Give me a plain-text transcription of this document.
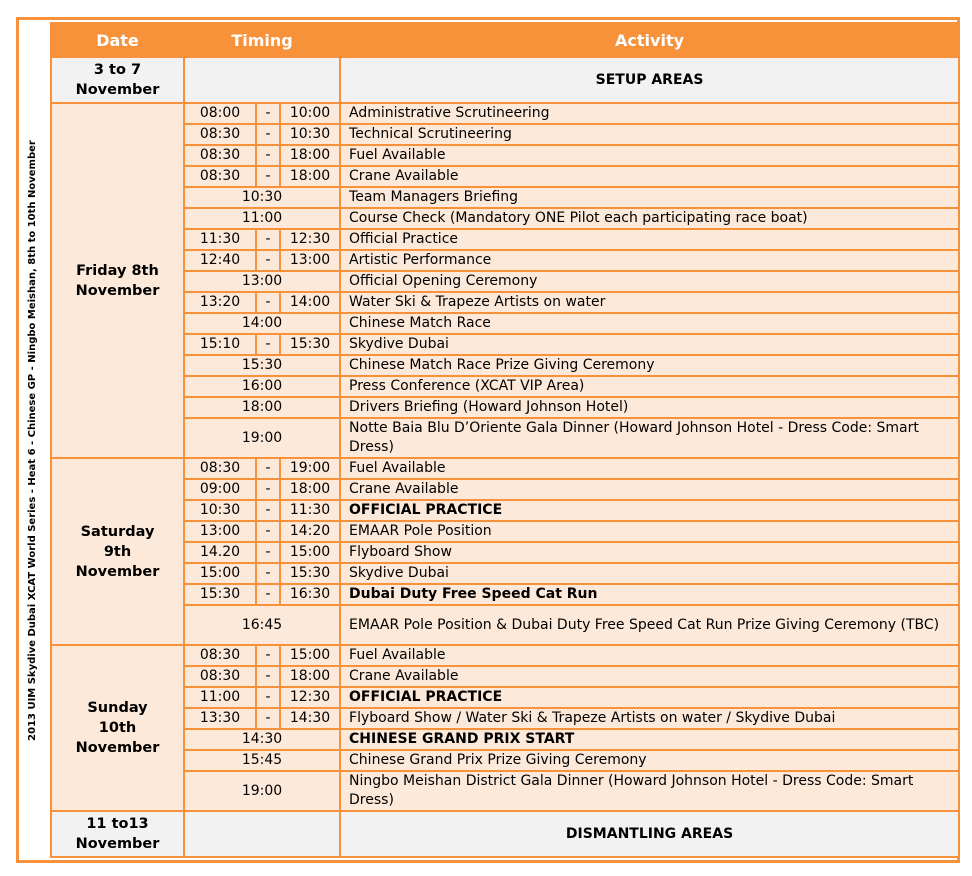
2013 UIM Skydive Dubai XCAT World Series - Heat 6 - Chinese GP - Ningbo Meishan, 8th to 10th November
Date	Timing			Activity
3 to 7 November				SETUP AREAS
Friday 8th November	08:00	-	10:00	Administrative Scrutineering
	08:30	-	10:30	Technical Scrutineering
	08:30	-	18:00	Fuel Available
	08:30	-	18:00	Crane Available
	10:30			Team Managers Briefing
	11:00			Course Check (Mandatory ONE Pilot each participating race boat)
	11:30	-	12:30	Official Practice
	12:40	-	13:00	Artistic Performance
	13:00			Official Opening Ceremony
	13:20	-	14:00	Water Ski & Trapeze Artists on water
	14:00			Chinese Match Race
	15:10	-	15:30	Skydive Dubai
	15:30			Chinese Match Race Prize Giving Ceremony
	16:00			Press Conference (XCAT VIP Area)
	18:00			Drivers Briefing (Howard Johnson Hotel)
	19:00			Notte Baia Blu D’Oriente Gala Dinner (Howard Johnson Hotel - Dress Code: Smart Dress)
Saturday 9th November	08:30	-	19:00	Fuel Available
	09:00	-	18:00	Crane Available
	10:30	-	11:30	OFFICIAL PRACTICE
	13:00	-	14:20	EMAAR Pole Position
	14.20	-	15:00	Flyboard Show
	15:00	-	15:30	Skydive Dubai
	15:30	-	16:30	Dubai Duty Free Speed Cat Run
	16:45			EMAAR Pole Position & Dubai Duty Free Speed Cat Run Prize Giving Ceremony (TBC)
Sunday 10th November	08:30	-	15:00	Fuel Available
	08:30	-	18:00	Crane Available
	11:00	-	12:30	OFFICIAL PRACTICE
	13:30	-	14:30	Flyboard Show / Water Ski & Trapeze Artists on water / Skydive Dubai
	14:30			CHINESE GRAND PRIX START
	15:45			Chinese Grand Prix Prize Giving Ceremony
	19:00			Ningbo Meishan District Gala Dinner (Howard Johnson Hotel - Dress Code: Smart Dress)
11 to13 November				DISMANTLING AREAS
